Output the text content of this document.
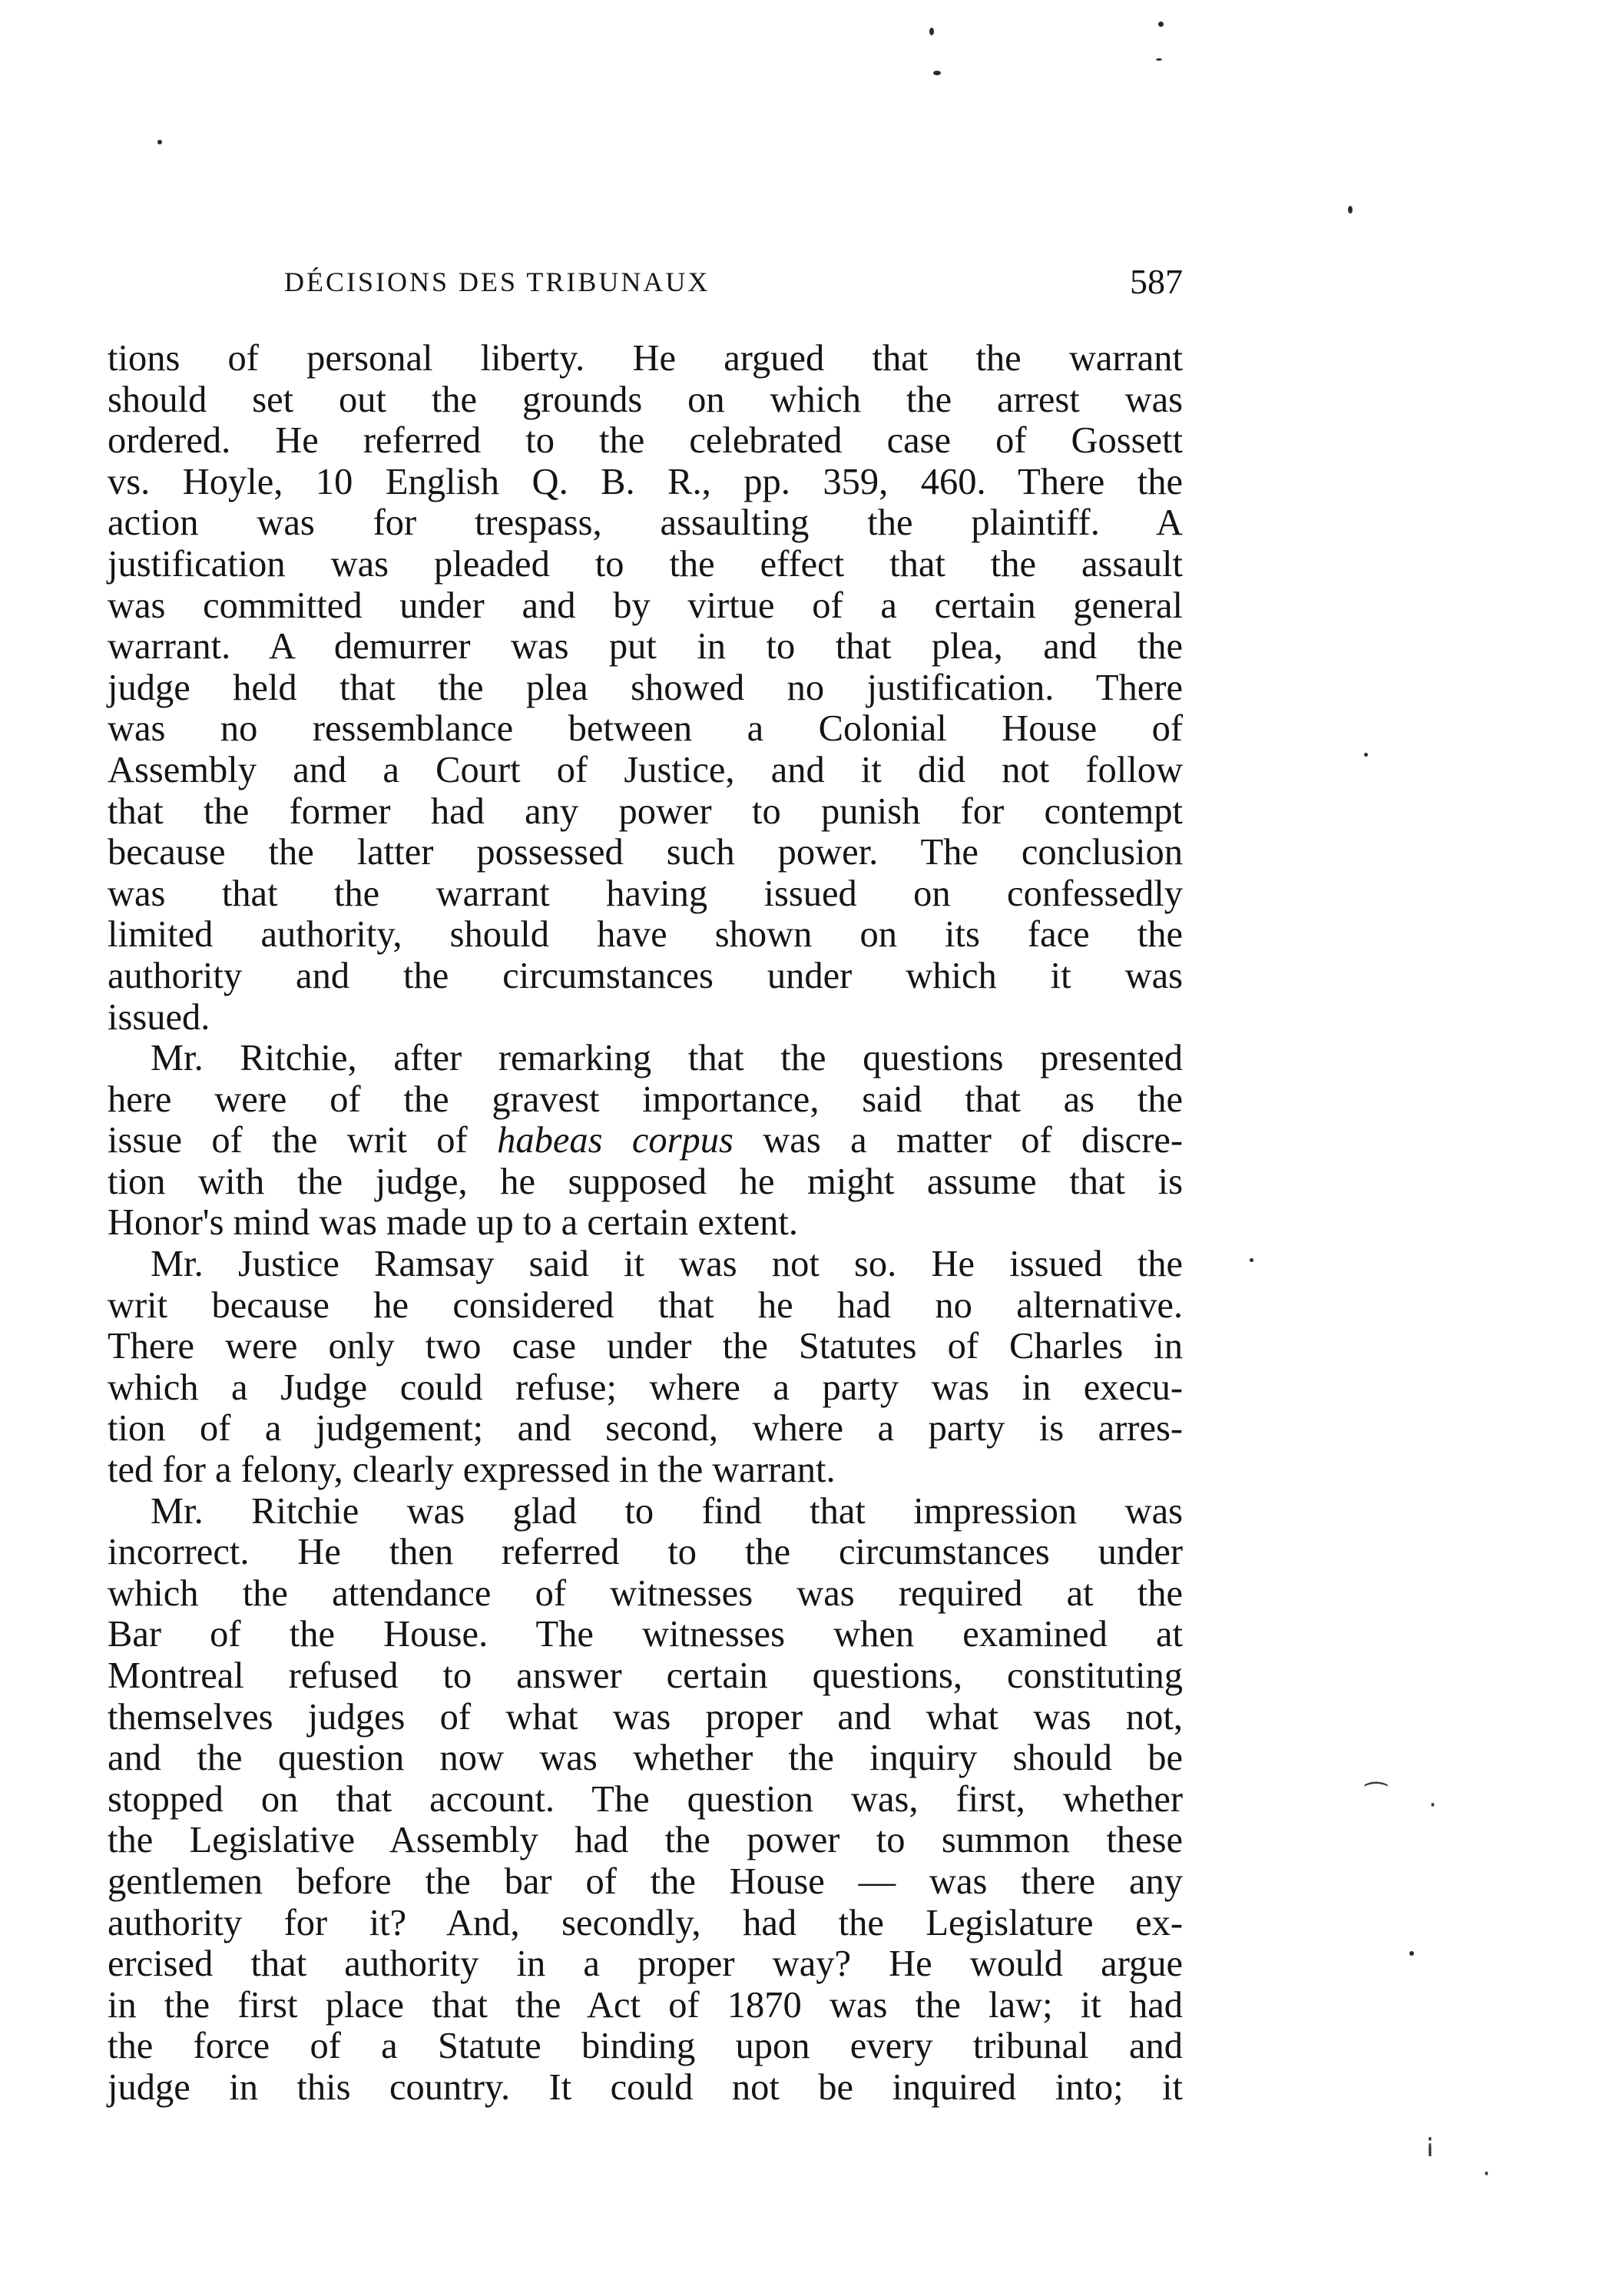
DÉCISIONS DES TRIBUNAUX	587
tions of personal liberty. He argued that the warrant
should set out the grounds on which the arrest was
ordered. He referred to the celebrated case of Gossett
vs. Hoyle, 10 English Q. B. R., pp. 359, 460. There the
action was for trespass, assaulting the plaintiff. A
justification was pleaded to the effect that the assault
was committed under and by virtue of a certain general
warrant. A demurrer was put in to that plea, and the
judge held that the plea showed no justification. There
was no ressemblance between a Colonial House of
Assembly and a Court of Justice, and it did not follow
that the former had any power to punish for contempt
because the latter possessed such power. The conclusion
was that the warrant having issued on confessedly
limited authority, should have shown on its face the
authority and the circumstances under which it was
issued.
Mr. Ritchie, after remarking that the questions presented
here were of the gravest importance, said that as the
issue of the writ of habeas corpus was a matter of discre-
tion with the judge, he supposed he might assume that is
Honor's mind was made up to a certain extent.
Mr. Justice Ramsay said it was not so. He issued the
writ because he considered that he had no alternative.
There were only two case under the Statutes of Charles in
which a Judge could refuse; where a party was in execu-
tion of a judgement; and second, where a party is arres-
ted for a felony, clearly expressed in the warrant.
Mr. Ritchie was glad to find that impression was
incorrect. He then referred to the circumstances under
which the attendance of witnesses was required at the
Bar of the House. The witnesses when examined at
Montreal refused to answer certain questions, constituting
themselves judges of what was proper and what was not,
and the question now was whether the inquiry should be
stopped on that account. The question was, first, whether
the Legislative Assembly had the power to summon these
gentlemen before the bar of the House — was there any
authority for it? And, secondly, had the Legislature ex-
ercised that authority in a proper way? He would argue
in the first place that the Act of 1870 was the law; it had
the force of a Statute binding upon every tribunal and
judge in this country. It could not be inquired into; it
⁀ ·
¡
·
